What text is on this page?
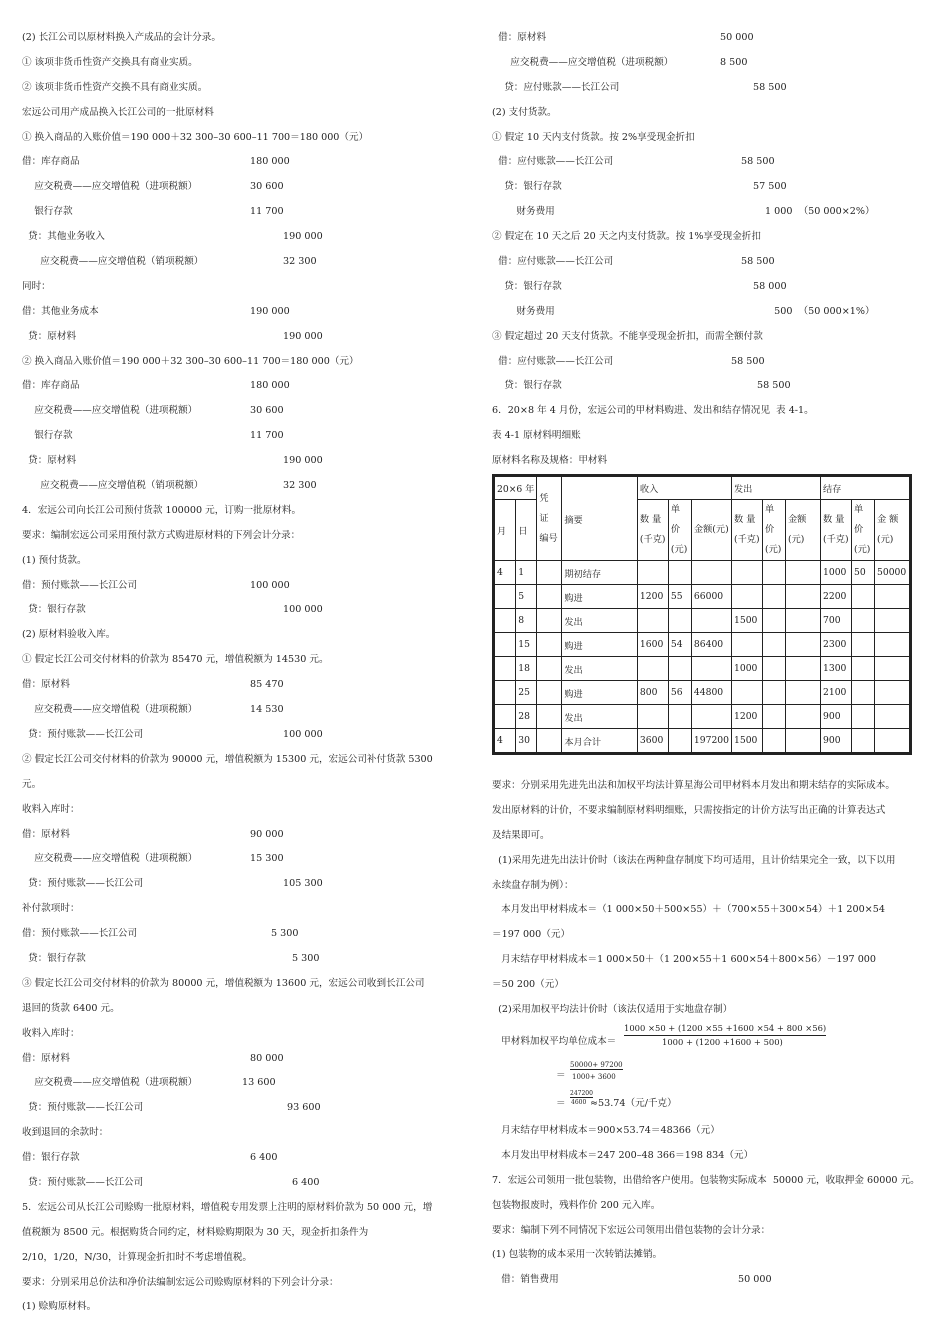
(2) 长江公司以原材料换入产成品的会计分录。
① 该项非货币性资产交换具有商业实质。
② 该项非货币性资产交换不具有商业实质。
宏远公司用产成品换入长江公司的一批原材料
① 换入商品的入账价值＝190 000＋32 300–30 600–11 700＝180 000（元）
借：库存商品	180 000
应交税费——应交增值税（进项税额）	30 600
银行存款	11 700
贷：其他业务收入	190 000
应交税费——应交增值税（销项税额）	32 300
同时：
借：其他业务成本	190 000
贷：原材料	190 000
② 换入商品入账价值＝190 000＋32 300–30 600–11 700＝180 000（元）
借：库存商品	180 000
应交税费——应交增值税（进项税额）	30 600
银行存款	11 700
贷：原材料	190 000
应交税费——应交增值税（销项税额）	32 300
4．宏远公司向长江公司预付货款 100000 元，订购一批原材料。
要求：编制宏远公司采用预付款方式购进原材料的下列会计分录：
(1) 预付货款。
借：预付账款——长江公司	100 000
贷：银行存款	100 000
(2) 原材料验收入库。
① 假定长江公司交付材料的价款为 85470 元，增值税额为 14530 元。
借：原材料	85 470
应交税费——应交增值税（进项税额）	14 530
贷：预付账款——长江公司	100 000
② 假定长江公司交付材料的价款为 90000 元，增值税额为 15300 元，宏远公司补付货款 5300
元。
收料入库时：
借：原材料	90 000
应交税费——应交增值税（进项税额）	15 300
贷：预付账款——长江公司	105 300
补付款项时：
借：预付账款——长江公司	5 300
贷：银行存款	5 300
③ 假定长江公司交付材料的价款为 80000 元，增值税额为 13600 元，宏远公司收到长江公司
退回的货款 6400 元。
收料入库时：
借：原材料	80 000
应交税费——应交增值税（进项税额）	13 600
贷：预付账款——长江公司	93 600
收到退回的余款时：
借：银行存款	6 400
贷：预付账款——长江公司	6 400
5．宏远公司从长江公司赊购一批原材料，增值税专用发票上注明的原材料价款为 50 000 元，增
值税额为 8500 元。根据购货合同约定，材料赊购期限为 30 天，现金折扣条件为
2/10，1/20，N/30，计算现金折扣时不考虑增值税。
要求：分别采用总价法和净价法编制宏远公司赊购原材料的下列会计分录：
(1) 赊购原材料。
借：原材料	50 000
应交税费——应交增值税（进项税额）	8 500
贷：应付账款——长江公司	58 500
(2) 支付货款。
① 假定 10 天内支付货款。按 2%享受现金折扣
借：应付账款——长江公司	58 500
贷：银行存款	57 500
财务费用	1 000  （50 000×2%）
② 假定在 10 天之后 20 天之内支付货款。按 1%享受现金折扣
借：应付账款——长江公司	58 500
贷：银行存款	58 000
财务费用	500  （50 000×1%）
③ 假定超过 20 天支付货款。不能享受现金折扣，而需全额付款
借：应付账款——长江公司	58 500
贷：银行存款	58 500
6．20×8 年 4 月份，宏远公司的甲材料购进、发出和结存情况见  表 4-1。
表 4-1 原材料明细账
原材料名称及规格：甲材料
20×6 年		凭 证 编号	摘要	收入			发出			结存		
月	日			数 量 (千克)	单 价 (元)	金额(元)	数 量 (千克)	单 价 (元)	金额 (元)	数 量 (千克)	单 价 (元)	金 额 (元)
4	1		期初结存							1000	50	50000
	5		购进	1200	55	66000				2200		
	8		发出				1500			700		
	15		购进	1600	54	86400				2300		
	18		发出				1000			1300		
	25		购进	800	56	44800				2100		
	28		发出				1200			900		
4	30		本月合计	3600		197200	1500			900		
要求：分别采用先进先出法和加权平均法计算星海公司甲材料本月发出和期末结存的实际成本。
发出原材料的计价，不要求编制原材料明细账，只需按指定的计价方法写出正确的计算表达式
及结果即可。
(1)采用先进先出法计价时（该法在两种盘存制度下均可适用，且计价结果完全一致，以下以用
永续盘存制为例）：
本月发出甲材料成本＝（1 000×50＋500×55）＋（700×55＋300×54）＋1 200×54
＝197 000（元）
月末结存甲材料成本＝1 000×50＋（1 200×55＋1 600×54＋800×56）－197 000
＝50 200（元）
(2)采用加权平均法计价时（该法仅适用于实地盘存制）
甲材料加权平均单位成本＝
1000 ×50 + (1200 ×55 +1600 ×54 + 800 ×56)
1000 + (1200 +1600 + 500)
＝
50000+ 97200
1000+ 3600
＝
247200
4600 ≈53.74（元/千克）
月末结存甲材料成本＝900×53.74＝48366（元）
本月发出甲材料成本＝247 200–48 366＝198 834（元）
7．宏远公司领用一批包装物，出借给客户使用。包装物实际成本  50000 元，收取押金 60000 元。
包装物报废时，残料作价 200 元入库。
要求：编制下列不同情况下宏远公司领用出借包装物的会计分录：
(1) 包装物的成本采用一次转销法摊销。
借：销售费用	50 000
